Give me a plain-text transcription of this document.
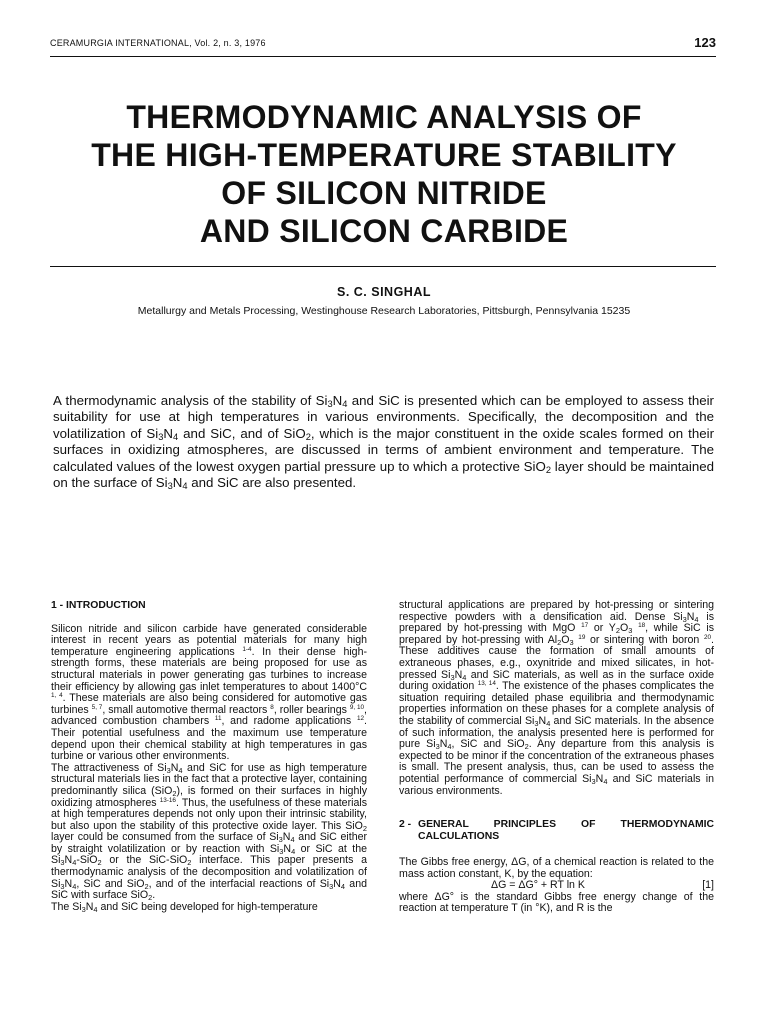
CERAMURGIA INTERNATIONAL, Vol. 2, n. 3, 1976	123
THERMODYNAMIC ANALYSIS OF
THE HIGH-TEMPERATURE STABILITY
OF SILICON NITRIDE
AND SILICON CARBIDE
S. C. SINGHAL
Metallurgy and Metals Processing, Westinghouse Research Laboratories, Pittsburgh, Pennsylvania 15235
A thermodynamic analysis of the stability of $Si_3N_4$ and SiC is presented which can be employed to assess their suitability for use at high temperatures in various environments. Specifically, the decomposition and the volatilization of $Si_3N_4$ and SiC, and of SiO$_2$, which is the major constituent in the oxide scales formed on their surfaces in oxidizing atmospheres, are discussed in terms of ambient environment and temperature. The calculated values of the lowest oxygen partial pressure up to which a protective SiO$_2$ layer should be maintained on the surface of $Si_3N_4$ and SiC are also presented.

1 - INTRODUCTION

Silicon nitride and silicon carbide have generated considerable interest in recent years as potential materials for many high temperature engineering applications $^{1-4}$. In their dense high-strength forms, these materials are being proposed for use as structural materials in power generating gas turbines to increase their efficiency by allowing gas inlet temperatures to about 1400°C $^{1, 4}$. These materials are also being considered for automotive gas turbines $^{5, 7}$, small automotive thermal reactors $^8$, roller bearings $^{9, 10}$, advanced combustion chambers $^{11}$, and radome applications $^{12}$. Their potential usefulness and the maximum use temperature depend upon their chemical stability at high temperatures in gas turbine or various other environments.

The attractiveness of $Si_3N_4$ and SiC for use as high temperature structural materials lies in the fact that a protective layer, containing predominantly silica (SiO$_2$), is formed on their surfaces in highly oxidizing atmospheres $^{13-16}$. Thus, the usefulness of these materials at high temperatures depends not only upon their intrinsic stability, but also upon the stability of this protective oxide layer. This SiO$_2$ layer could be consumed from the surface of $Si_3N_4$ and SiC either by straight volatilization or by reaction with $Si_3N_4$ or SiC at the $Si_3N_4-SiO_2$ or the SiC-SiO$_2$ interface. This paper presents a thermodynamic analysis of the decomposition and volatilization of $Si_3N_4$, SiC and SiO$_2$, and of the interfacial reactions of $Si_3N_4$ and SiC with surface SiO$_2$.

The $Si_3N_4$ and SiC being developed for high-temperature

structural applications are prepared by hot-pressing or sintering respective powders with a densification aid. Dense $Si_3N_4$ is prepared by hot-pressing with MgO $^{17}$ or $Y_2O_3$ $^{18}$, while SiC is prepared by hot-pressing with $Al_2O_3$ $^{19}$ or sintering with boron $^{20}$. These additives cause the formation of small amounts of extraneous phases, e.g., oxynitride and mixed silicates, in hot-pressed $Si_3N_4$ and SiC materials, as well as in the surface oxide during oxidation $^{13, 14}$. The existence of the phases complicates the situation requiring detailed phase equilibria and thermodynamic properties information on these phases for a complete analysis of the stability of commercial $Si_3N_4$ and SiC materials. In the absence of such information, the analysis presented here is performed for pure $Si_3N_4$, SiC and SiO$_2$. Any departure from this analysis is expected to be minor if the concentration of the extraneous phases is small. The present analysis, thus, can be used to assess the potential performance of commercial $Si_3N_4$ and SiC materials in various environments.

2 - GENERAL PRINCIPLES OF THERMODYNAMIC CALCULATIONS

The Gibbs free energy, ΔG, of a chemical reaction is related to the mass action constant, K, by the equation:

ΔG = ΔG° + RT ln K	[1]

where ΔG° is the standard Gibbs free energy change of the reaction at temperature T (in °K), and R is the
